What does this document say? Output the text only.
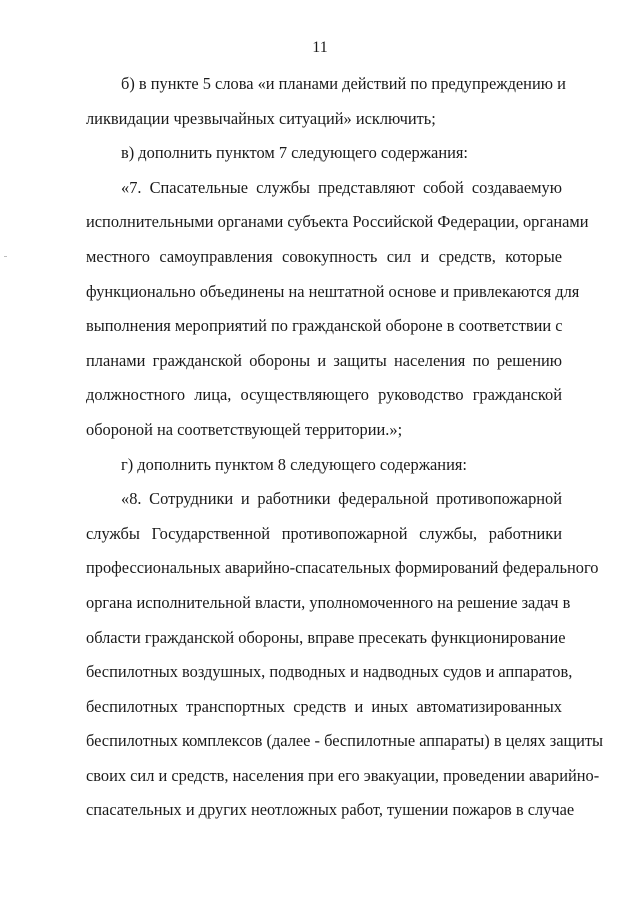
11
б) в пункте 5 слова «и планами действий по предупреждению и
ликвидации чрезвычайных ситуаций» исключить;
в) дополнить пунктом 7 следующего содержания:
«7. Спасательные службы представляют собой создаваемую
исполнительными органами субъекта Российской Федерации, органами
местного самоуправления совокупность сил и средств, которые
функционально объединены на нештатной основе и привлекаются для
выполнения мероприятий по гражданской обороне в соответствии с
планами гражданской обороны и защиты населения по решению
должностного лица, осуществляющего руководство гражданской
обороной на соответствующей территории.»;
г) дополнить пунктом 8 следующего содержания:
«8. Сотрудники и работники федеральной противопожарной
службы Государственной противопожарной службы, работники
профессиональных аварийно-спасательных формирований федерального
органа исполнительной власти, уполномоченного на решение задач в
области гражданской обороны, вправе пресекать функционирование
беспилотных воздушных, подводных и надводных судов и аппаратов,
беспилотных транспортных средств и иных автоматизированных
беспилотных комплексов (далее - беспилотные аппараты) в целях защиты
своих сил и средств, населения при его эвакуации, проведении аварийно-
спасательных и других неотложных работ, тушении пожаров в случае
